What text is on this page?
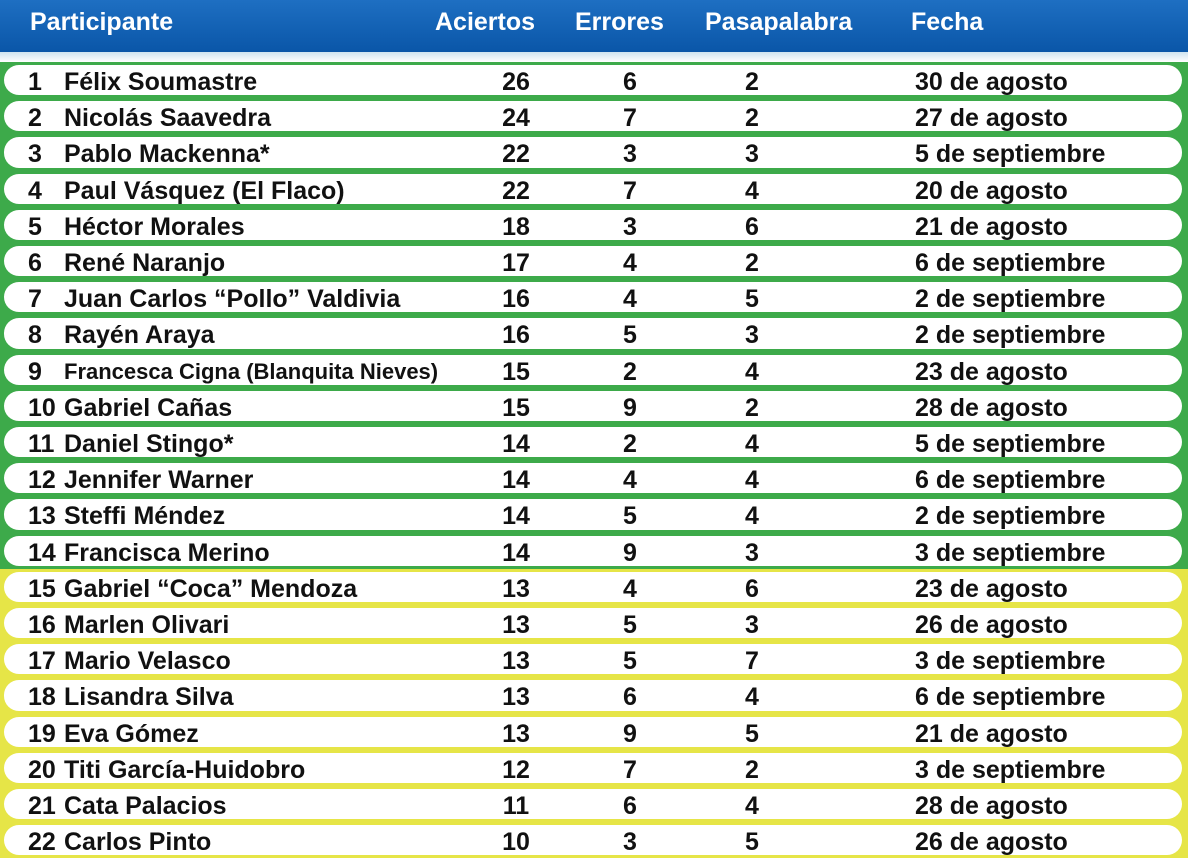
Participante	Aciertos Errores Pasapalabra Fecha
1 Félix Soumastre	26	6	2	30 de agosto
2 Nicolás Saavedra	24	7	2	27 de agosto
3 Pablo Mackenna*	22	3	3	5 de septiembre
4 Paul Vásquez (El Flaco)	22	7	4	20 de agosto
5 Héctor Morales	18	3	6	21 de agosto
6 René Naranjo	17	4	2	6 de septiembre
7 Juan Carlos “Pollo” Valdivia	16	4	5	2 de septiembre
8 Rayén Araya	16	5	3	2 de septiembre
9	Francesca Cigna (Blanquita Nieves)	15	2	4	23 de agosto
10 Gabriel Cañas	15	9	2	28 de agosto
11 Daniel Stingo*	14	2	4	5 de septiembre
12 Jennifer Warner	14	4	4	6 de septiembre
13 Steffi Méndez	14	5	4	2 de septiembre
14 Francisca Merino	14	9	3	3 de septiembre
15 Gabriel “Coca” Mendoza	13	4	6	23 de agosto
16 Marlen Olivari	13	5	3	26 de agosto
17 Mario Velasco	13	5	7	3 de septiembre
18 Lisandra Silva	13	6	4	6 de septiembre
19 Eva Gómez	13	9	5	21 de agosto
20 Titi García-Huidobro	12	7	2	3 de septiembre
21 Cata Palacios	11	6	4	28 de agosto
22 Carlos Pinto	10	3	5	26 de agosto
